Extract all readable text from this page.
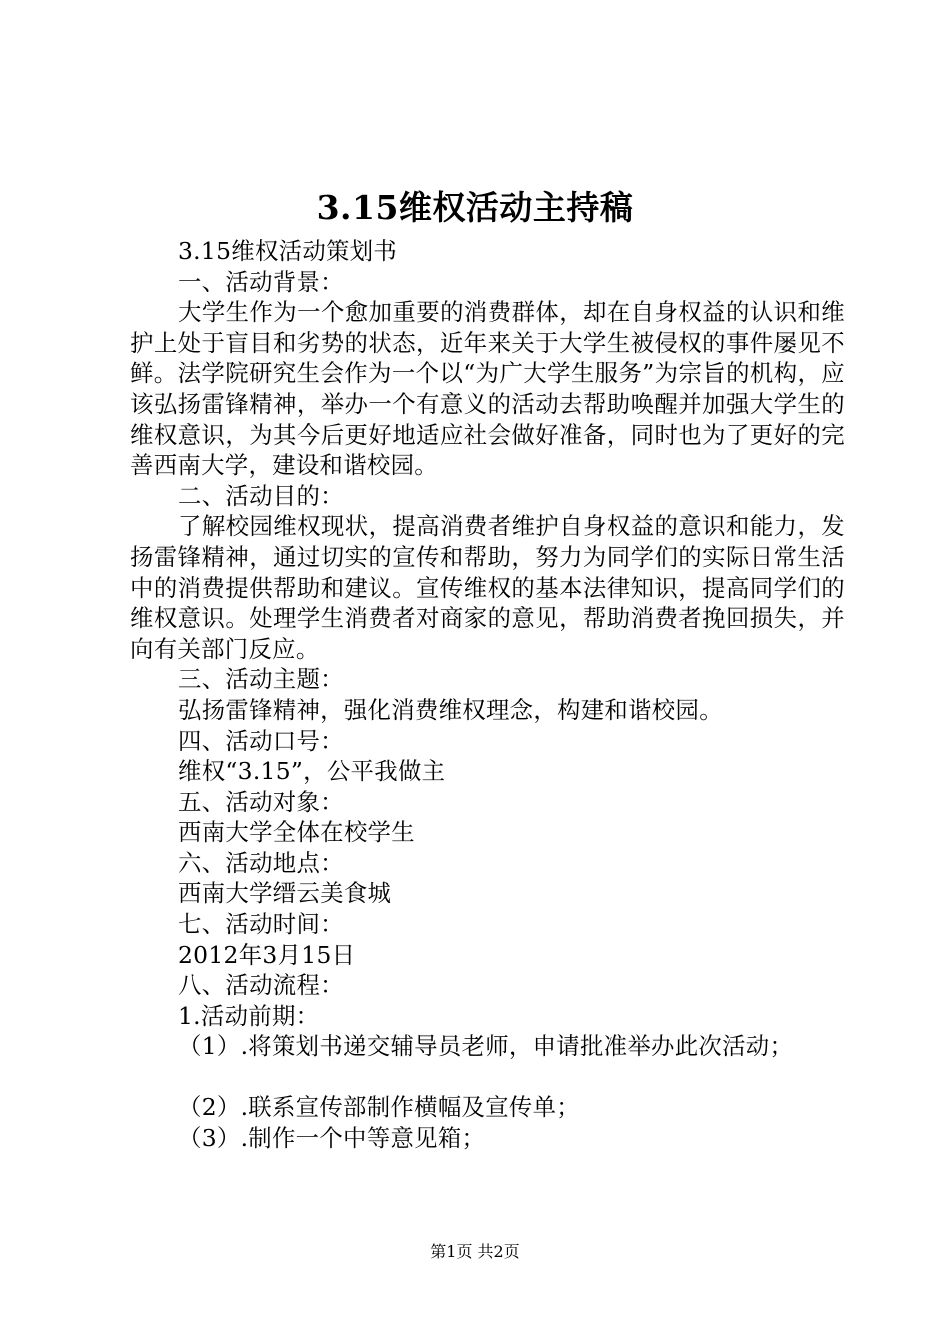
3.15维权活动主持稿
3.15维权活动策划书
一、活动背景：

大学生作为一个愈加重要的消费群体，却在自身权益的认识和维护上处于盲目和劣势的状态，近年来关于大学生被侵权的事件屡见不鲜。法学院研究生会作为一个以“为广大学生服务”为宗旨的机构，应该弘扬雷锋精神，举办一个有意义的活动去帮助唤醒并加强大学生的维权意识，为其今后更好地适应社会做好准备，同时也为了更好的完善西南大学，建设和谐校园。

二、活动目的：

了解校园维权现状，提高消费者维护自身权益的意识和能力，发扬雷锋精神，通过切实的宣传和帮助，努力为同学们的实际日常生活中的消费提供帮助和建议。宣传维权的基本法律知识，提高同学们的维权意识。处理学生消费者对商家的意见，帮助消费者挽回损失，并向有关部门反应。

三、活动主题：
弘扬雷锋精神，强化消费维权理念，构建和谐校园。
四、活动口号：
维权“3.15”，公平我做主
五、活动对象：
西南大学全体在校学生
六、活动地点：
西南大学缙云美食城
七、活动时间：
2012年3月15日
八、活动流程：
1.活动前期：
（1）.将策划书递交辅导员老师，申请批准举办此次活动；
（2）.联系宣传部制作横幅及宣传单；
（3）.制作一个中等意见箱；
第1页 共2页
